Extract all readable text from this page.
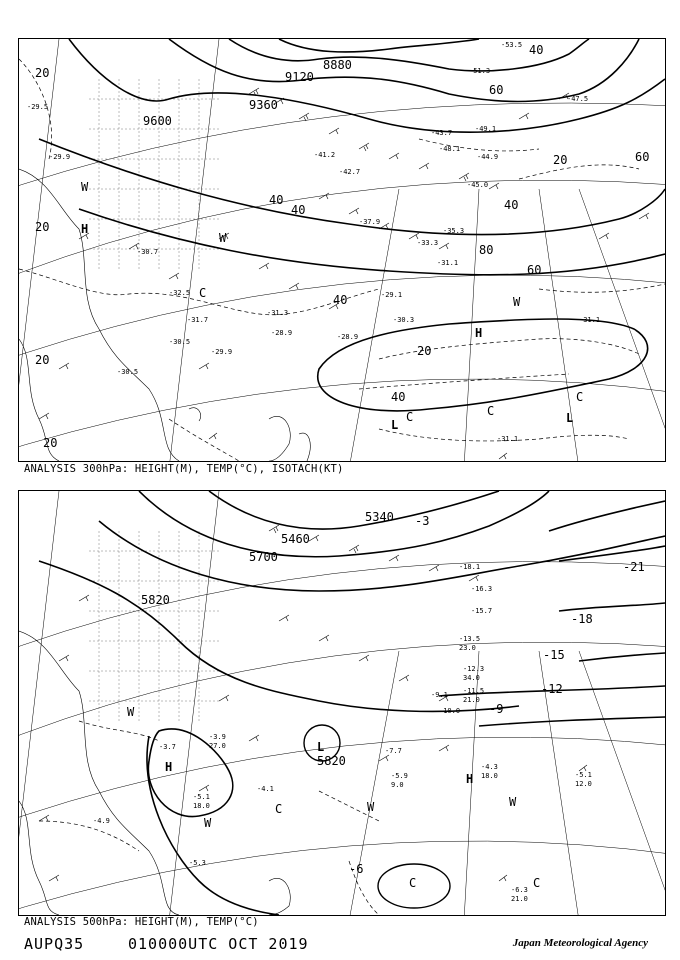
9600
9360
9120
8880
20
20
20
20
20
20
40
40
40
40
40
40
60
60
60
80
-29.9
-29.5
-30.7
-32.5
-31.7
-30.5
-30.5
-29.1
-31.1
-30.3
-31.1
-43.7
-48.1
-49.1
-44.9
-45.0
-47.5
-53.5
-51.3
-41.2
-42.7
-37.9
-35.3
-33.3
-31.1
-29.9
-31.3
-28.9	-28.9
H
H
L	L
W
W
W
C
C
C
C
ANALYSIS 300hPa: HEIGHT(M), TEMP(°C), ISOTACH(KT)
5700
5820
5820
5340
5460
-21
-18
-15
-12
-9
-6
-3
-4.3
18.0	-5.1
12.0
-6.3
21.0
-5.9
9.0
-7.7
-5.1
18.0
-4.1
-12.3
34.0
-11.5
21.0
-13.5
23.0
-15.7
-16.3
-18.1
-9.1
-10.0
-3.9
27.0
-4.9
-3.7
-5.3
H
L
H
W
W
W	W
C
C	C
ANALYSIS 500hPa: HEIGHT(M), TEMP(°C)
AUPQ35	010000UTC OCT 2019	Japan Meteorological Agency
